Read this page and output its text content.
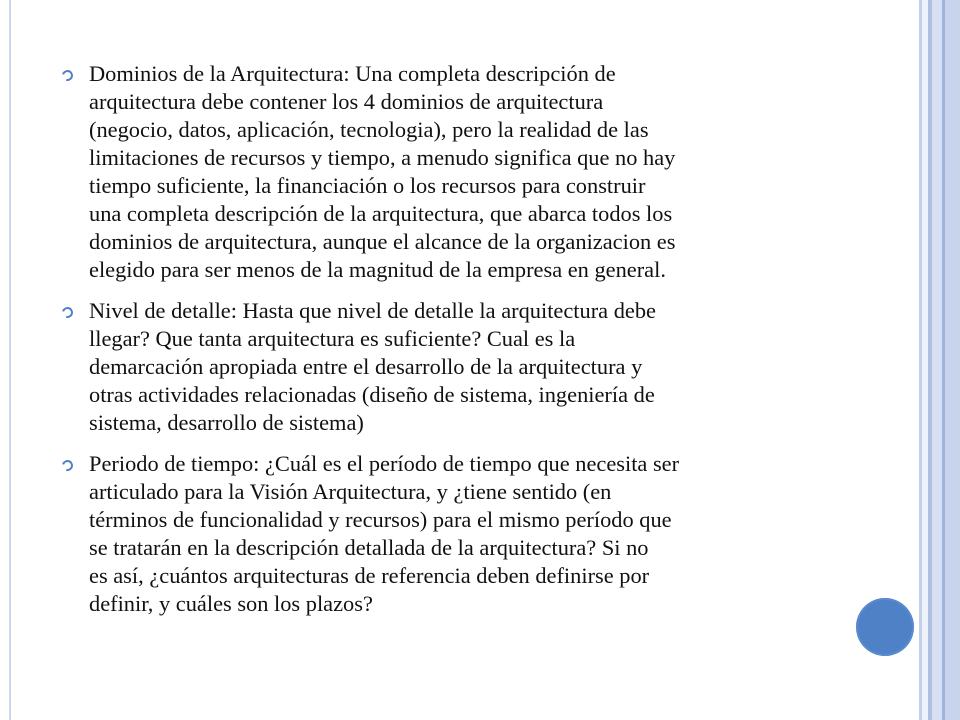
Dominios de la Arquitectura: Una completa descripción de
arquitectura debe contener los 4 dominios de arquitectura
(negocio, datos, aplicación, tecnologia), pero la realidad de las
limitaciones de recursos y tiempo, a menudo significa que no hay
tiempo suficiente, la financiación o los recursos para construir
una completa descripción de la arquitectura, que abarca todos los
dominios de arquitectura, aunque el alcance de la organizacion es
elegido para ser menos de la magnitud de la empresa en general.

Nivel de detalle: Hasta que nivel de detalle la arquitectura debe
llegar? Que tanta arquitectura es suficiente? Cual es la
demarcación apropiada entre el desarrollo de la arquitectura y
otras actividades relacionadas (diseño de sistema, ingeniería de
sistema, desarrollo de sistema)

Periodo de tiempo: ¿Cuál es el período de tiempo que necesita ser
articulado para la Visión Arquitectura, y ¿tiene sentido (en
términos de funcionalidad y recursos) para el mismo período que
se tratarán en la descripción detallada de la arquitectura? Si no
es así, ¿cuántos arquitecturas de referencia deben definirse por
definir, y cuáles son los plazos?
